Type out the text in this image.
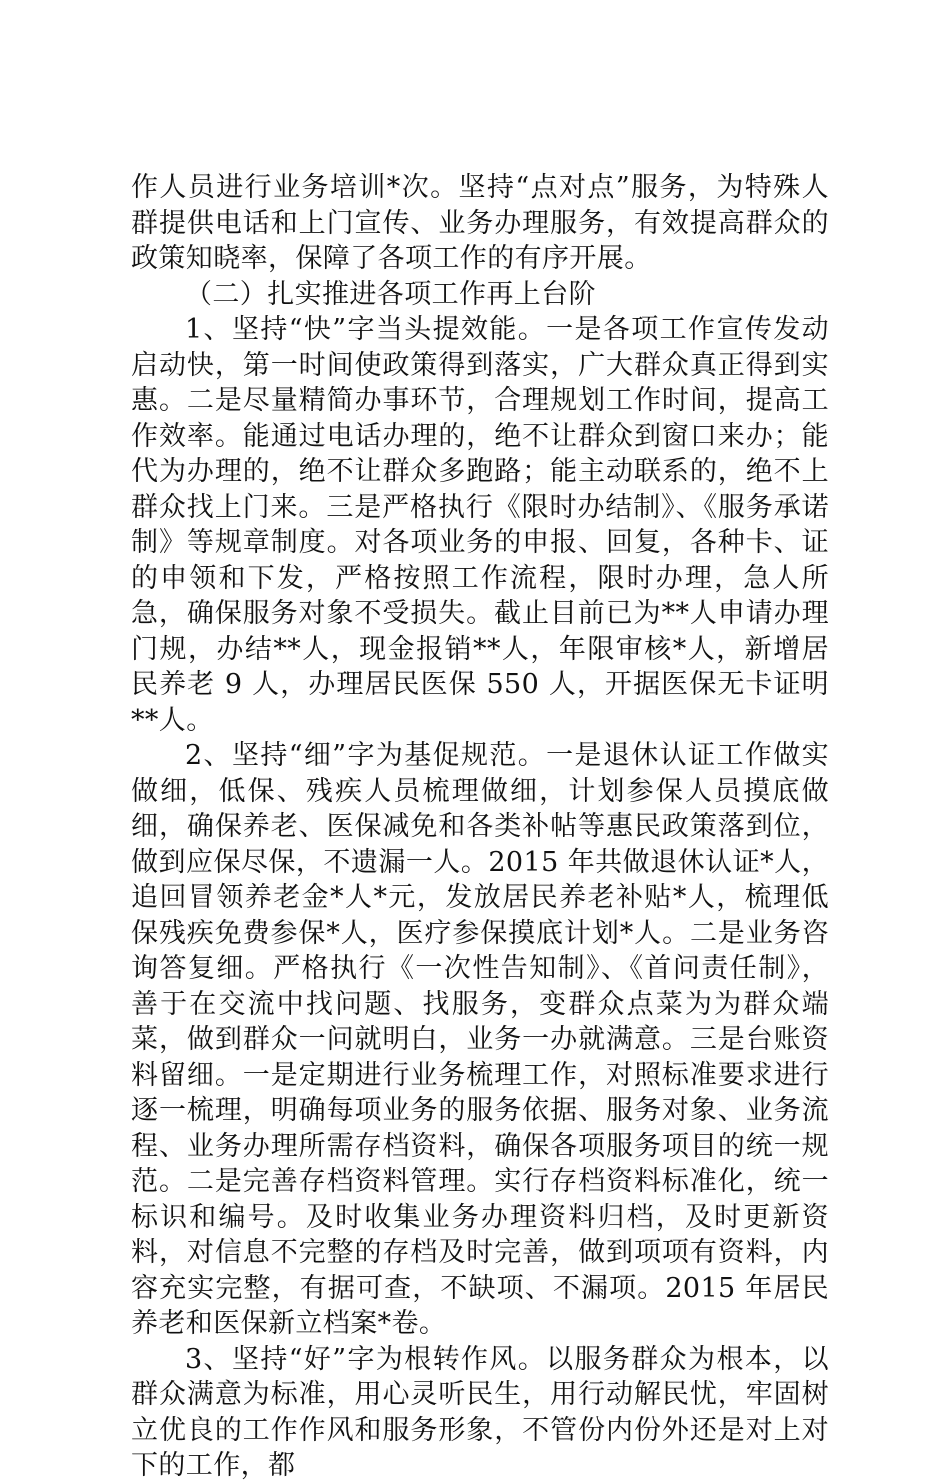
作人员进行业务培训*次。坚持“点对点”服务，为特殊人群提供电话和上门宣传、业务办理服务，有效提高群众的政策知晓率，保障了各项工作的有序开展。

（二）扎实推进各项工作再上台阶

1、坚持“快”字当头提效能。一是各项工作宣传发动启动快，第一时间使政策得到落实，广大群众真正得到实惠。二是尽量精简办事环节，合理规划工作时间，提高工作效率。能通过电话办理的，绝不让群众到窗口来办；能代为办理的，绝不让群众多跑路；能主动联系的，绝不上群众找上门来。三是严格执行《限时办结制》、《服务承诺制》等规章制度。对各项业务的申报、回复，各种卡、证的申领和下发，严格按照工作流程，限时办理，急人所急，确保服务对象不受损失。截止目前已为**人申请办理门规，办结**人，现金报销**人，年限审核*人，新增居民养老 9 人，办理居民医保 550 人，开据医保无卡证明**人。

2、坚持“细”字为基促规范。一是退休认证工作做实做细，低保、残疾人员梳理做细，计划参保人员摸底做细，确保养老、医保减免和各类补帖等惠民政策落到位，做到应保尽保，不遗漏一人。2015 年共做退休认证*人，追回冒领养老金*人*元，发放居民养老补贴*人，梳理低保残疾免费参保*人，医疗参保摸底计划*人。二是业务咨询答复细。严格执行《一次性告知制》、《首问责任制》，善于在交流中找问题、找服务，变群众点菜为为群众端菜，做到群众一问就明白，业务一办就满意。三是台账资料留细。一是定期进行业务梳理工作，对照标准要求进行逐一梳理，明确每项业务的服务依据、服务对象、业务流程、业务办理所需存档资料，确保各项服务项目的统一规范。二是完善存档资料管理。实行存档资料标准化，统一标识和编号。及时收集业务办理资料归档，及时更新资料，对信息不完整的存档及时完善，做到项项有资料，内容充实完整，有据可查，不缺项、不漏项。2015 年居民养老和医保新立档案*卷。

3、坚持“好”字为根转作风。以服务群众为根本，以群众满意为标准，用心灵听民生，用行动解民忧，牢固树立优良的工作作风和服务形象，不管份内份外还是对上对下的工作，都
